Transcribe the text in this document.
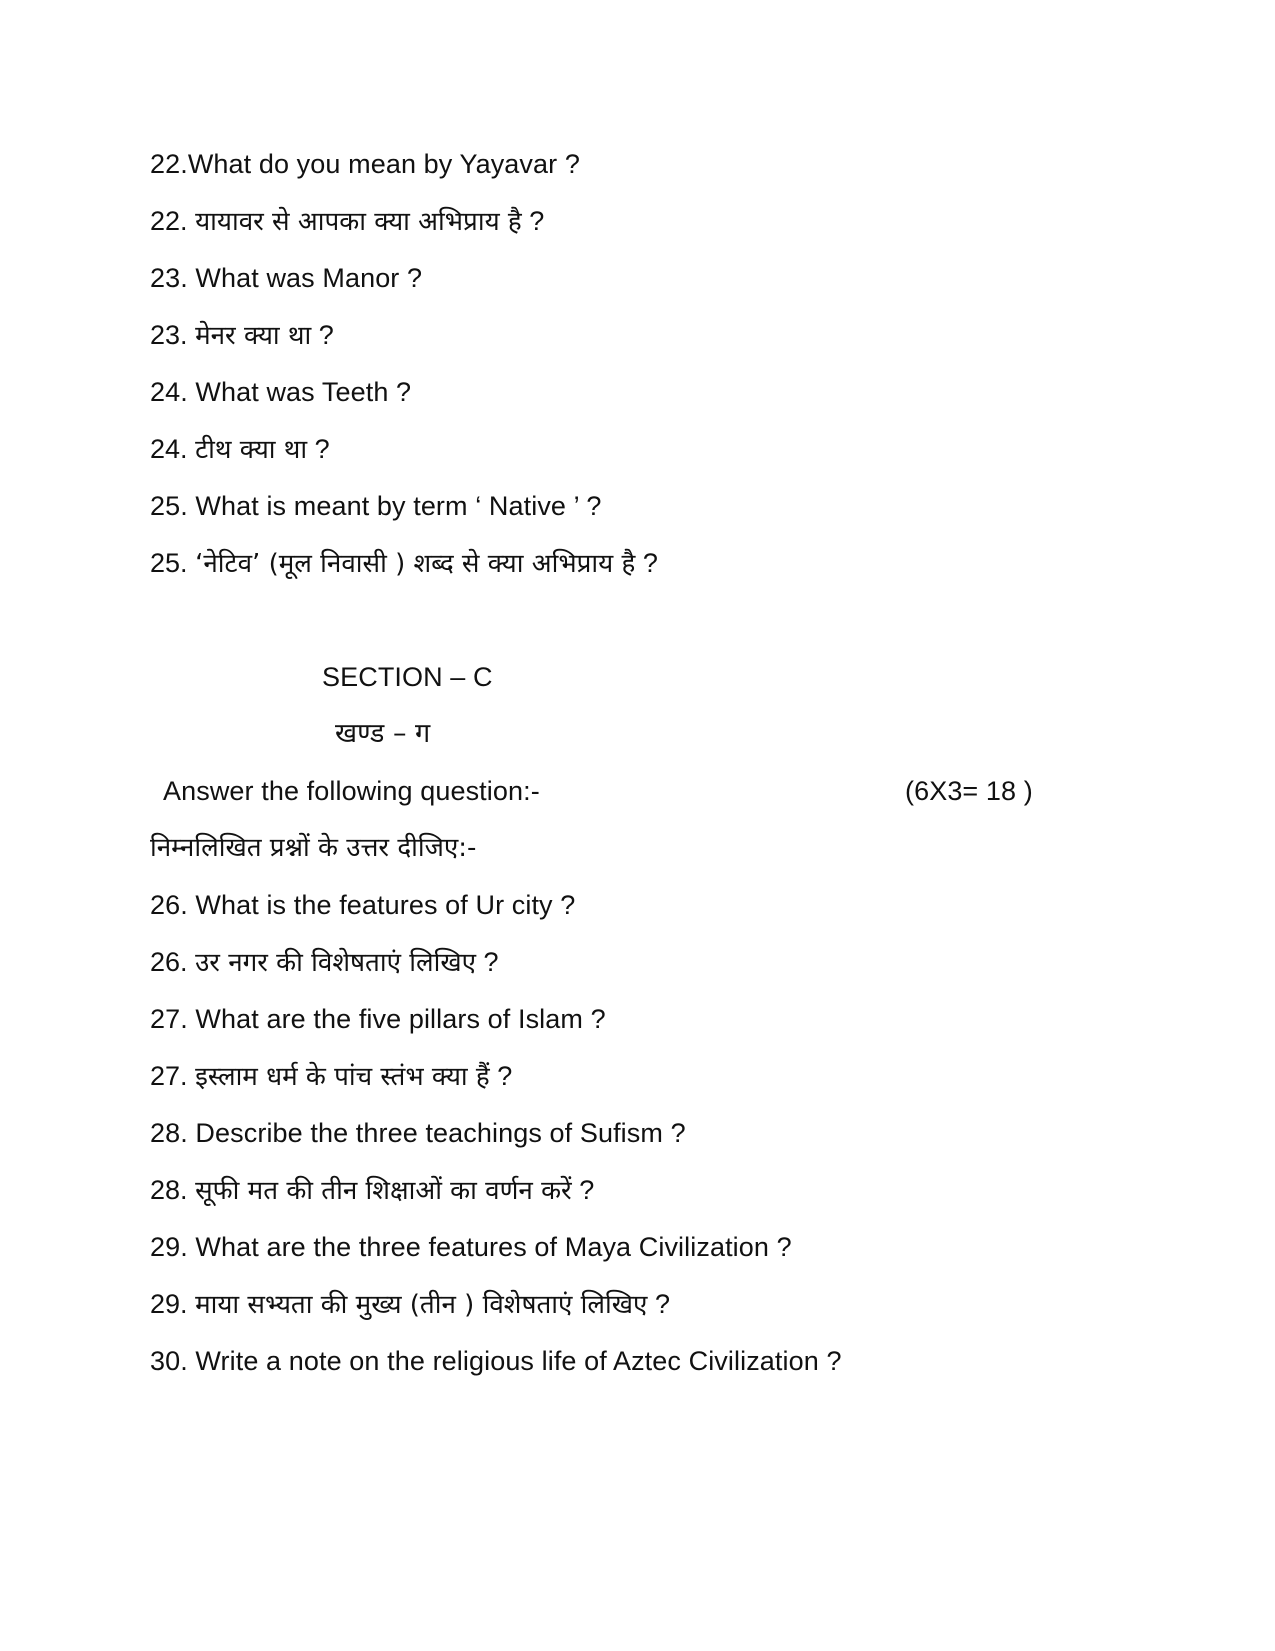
22.What do you mean by Yayavar ?
22. यायावर से आपका क्या अभिप्राय है ?
23. What was Manor ?
23. मेनर क्या था ?
24. What was Teeth ?
24. टीथ क्या था ?
25. What is meant by term ‘ Native ’ ?
25. ‘नेटिव’ (मूल निवासी ) शब्द से क्या अभिप्राय है ?
SECTION – C
खण्ड – ग
Answer the following question:-	(6X3= 18 )
निम्नलिखित प्रश्नों के उत्तर दीजिए:-
26. What is the features of Ur city ?
26. उर नगर की विशेषताएं लिखिए ?
27. What are the five pillars of Islam ?
27. इस्लाम धर्म के पांच स्तंभ क्या हैं ?
28. Describe the three teachings of Sufism ?
28. सूफी मत की तीन शिक्षाओं का वर्णन करें ?
29. What are the three features of Maya Civilization ?
29. माया सभ्यता की मुख्य (तीन ) विशेषताएं लिखिए ?
30. Write a note on the religious life of Aztec Civilization ?
